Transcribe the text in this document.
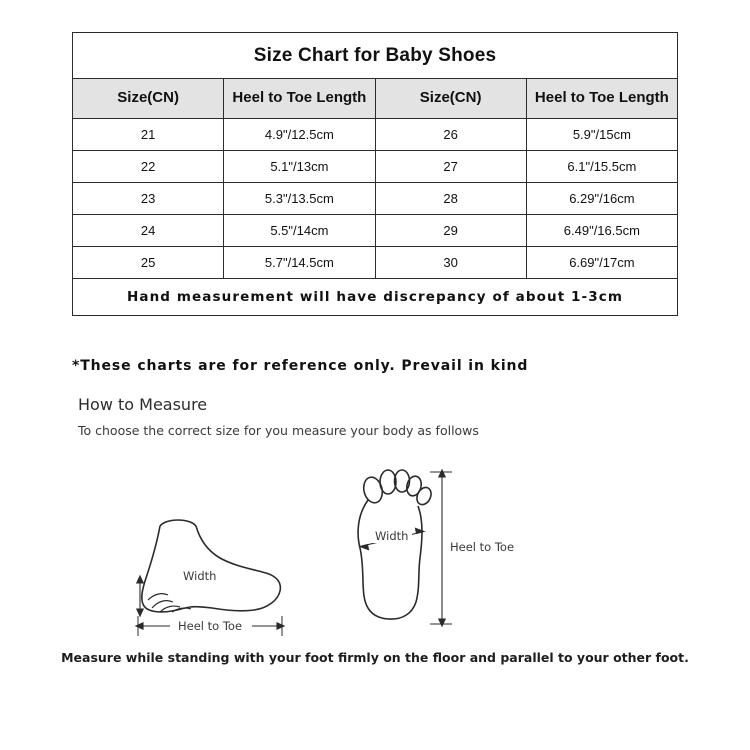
Size Chart for Baby Shoes			
Size(CN)	Heel to Toe Length	Size(CN)	Heel to Toe Length
21	4.9"/12.5cm	26	5.9"/15cm
22	5.1"/13cm	27	6.1"/15.5cm
23	5.3"/13.5cm	28	6.29"/16cm
24	5.5"/14cm	29	6.49"/16.5cm
25	5.7"/14.5cm	30	6.69"/17cm
Hand measurement will have discrepancy of about 1-3cm			
*These charts are for reference only. Prevail in kind
How to Measure
To choose the correct size for you measure your body as follows
Width
Heel to Toe
Width
Heel to Toe
Measure while standing with your foot firmly on the floor and parallel to your other foot.
